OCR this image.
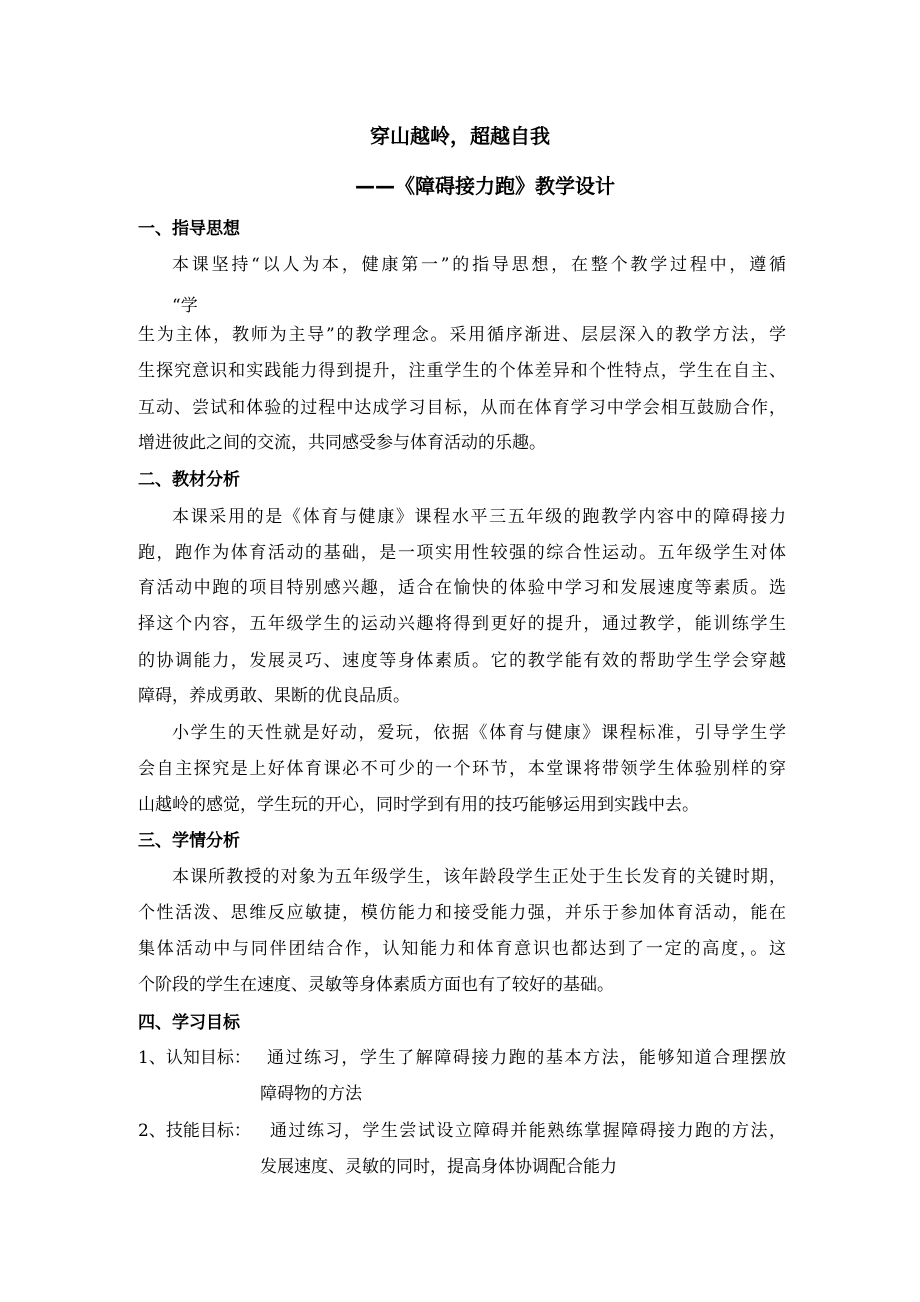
穿山越岭，超越自我
——《障碍接力跑》教学设计
一、指导思想
本课坚持“以人为本，健康第一”的指导思想，在整个教学过程中，遵循
“学
生为主体，教师为主导”的教学理念。采用循序渐进、层层深入的教学方法，学
生探究意识和实践能力得到提升，注重学生的个体差异和个性特点，学生在自主、
互动、尝试和体验的过程中达成学习目标，从而在体育学习中学会相互鼓励合作，
增进彼此之间的交流，共同感受参与体育活动的乐趣。
二、教材分析
本课采用的是《体育与健康》课程水平三五年级的跑教学内容中的障碍接力
跑，跑作为体育活动的基础，是一项实用性较强的综合性运动。五年级学生对体
育活动中跑的项目特别感兴趣，适合在愉快的体验中学习和发展速度等素质。选
择这个内容，五年级学生的运动兴趣将得到更好的提升，通过教学，能训练学生
的协调能力，发展灵巧、速度等身体素质。它的教学能有效的帮助学生学会穿越
障碍，养成勇敢、果断的优良品质。
小学生的天性就是好动，爱玩，依据《体育与健康》课程标准，引导学生学
会自主探究是上好体育课必不可少的一个环节，本堂课将带领学生体验别样的穿
山越岭的感觉，学生玩的开心，同时学到有用的技巧能够运用到实践中去。
三、学情分析
本课所教授的对象为五年级学生，该年龄段学生正处于生长发育的关键时期，
个性活泼、思维反应敏捷，模仿能力和接受能力强，并乐于参加体育活动，能在
集体活动中与同伴团结合作，认知能力和体育意识也都达到了一定的高度，。这
个阶段的学生在速度、灵敏等身体素质方面也有了较好的基础。
四、学习目标
1、认知目标： 通过练习，学生了解障碍接力跑的基本方法，能够知道合理摆放
障碍物的方法
2、技能目标： 通过练习，学生尝试设立障碍并能熟练掌握障碍接力跑的方法，
发展速度、灵敏的同时，提高身体协调配合能力
